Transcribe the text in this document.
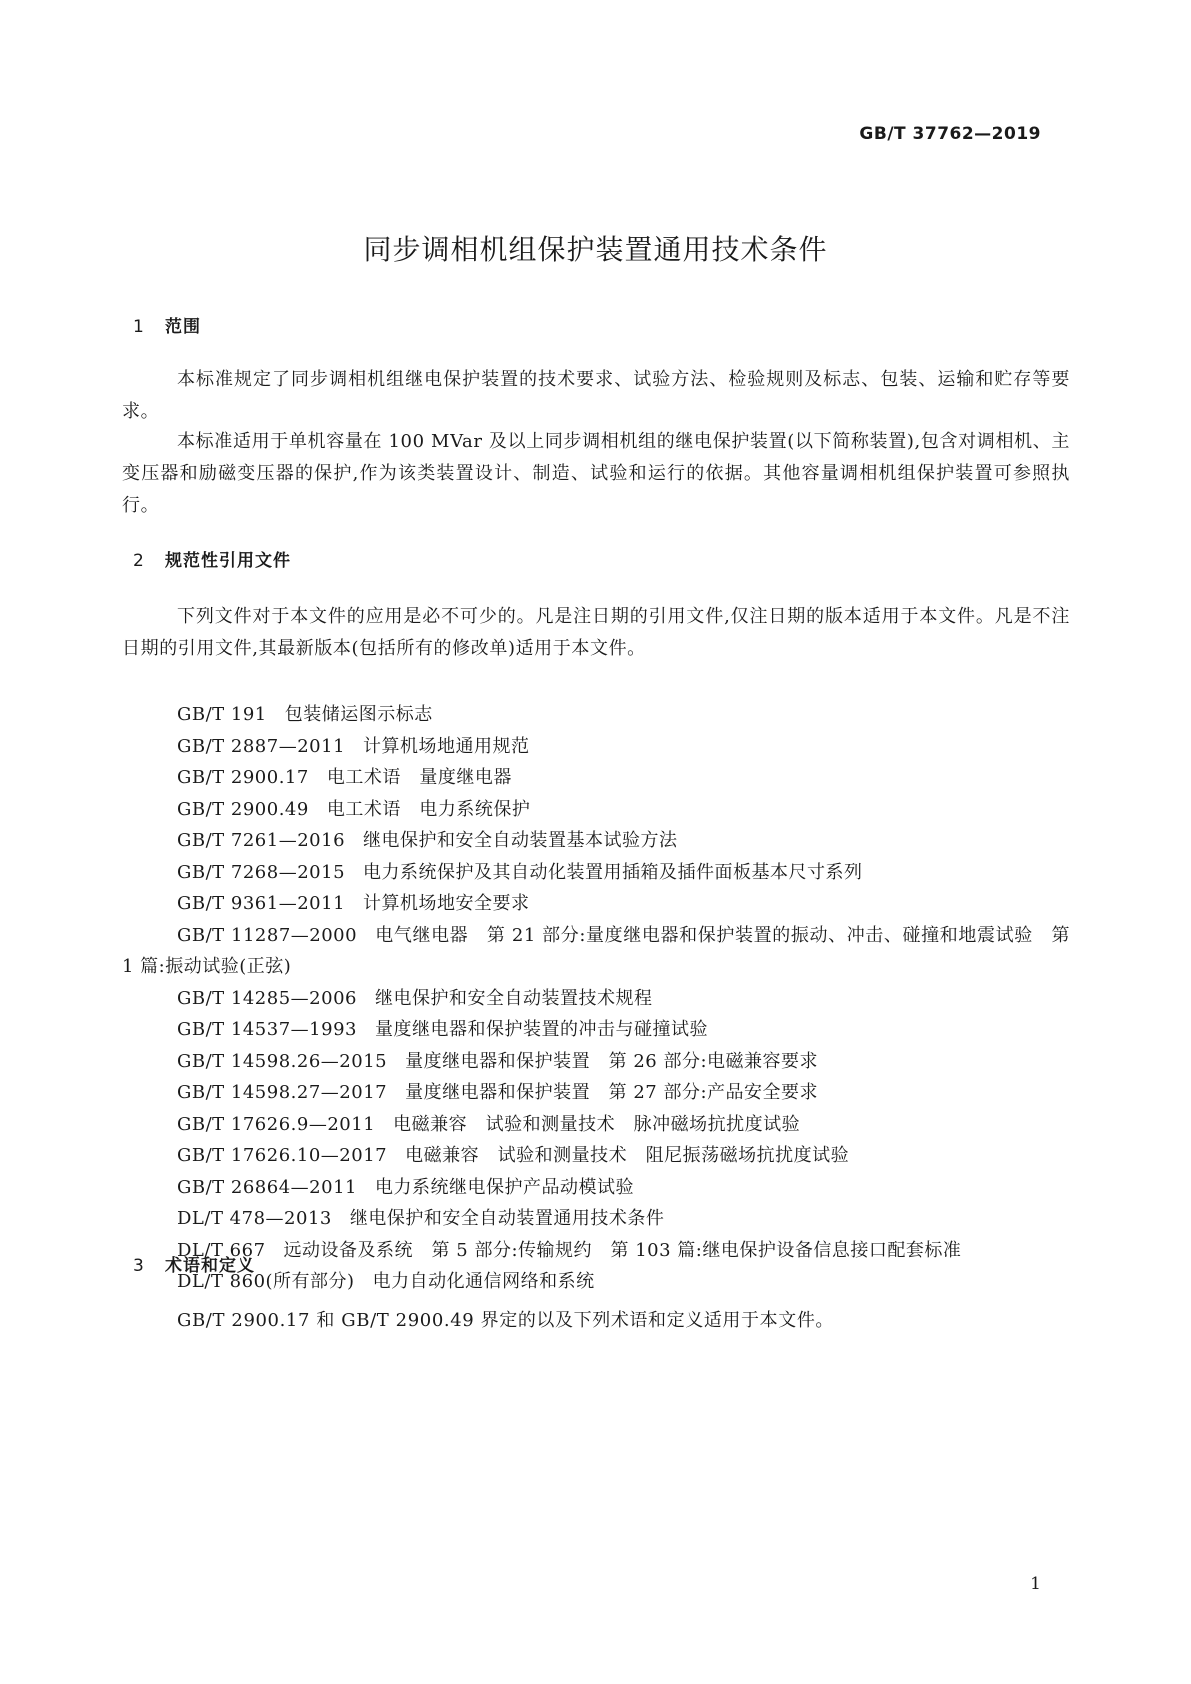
GB/T 37762—2019
同步调相机组保护装置通用技术条件
1 范围

本标准规定了同步调相机组继电保护装置的技术要求、试验方法、检验规则及标志、包装、运输和贮存等要求。

本标准适用于单机容量在 100 MVar 及以上同步调相机组的继电保护装置(以下简称装置),包含对调相机、主变压器和励磁变压器的保护,作为该类装置设计、制造、试验和运行的依据。其他容量调相机组保护装置可参照执行。

2 规范性引用文件

下列文件对于本文件的应用是必不可少的。凡是注日期的引用文件,仅注日期的版本适用于本文件。凡是不注日期的引用文件,其最新版本(包括所有的修改单)适用于本文件。

GB/T 191 包装储运图示标志
GB/T 2887—2011 计算机场地通用规范
GB/T 2900.17 电工术语　量度继电器
GB/T 2900.49 电工术语　电力系统保护
GB/T 7261—2016 继电保护和安全自动装置基本试验方法
GB/T 7268—2015 电力系统保护及其自动化装置用插箱及插件面板基本尺寸系列
GB/T 9361—2011 计算机场地安全要求
GB/T 11287—2000 电气继电器　第 21 部分:量度继电器和保护装置的振动、冲击、碰撞和地震试验　第 1 篇:振动试验(正弦)
GB/T 14285—2006 继电保护和安全自动装置技术规程
GB/T 14537—1993 量度继电器和保护装置的冲击与碰撞试验
GB/T 14598.26—2015 量度继电器和保护装置　第 26 部分:电磁兼容要求
GB/T 14598.27—2017 量度继电器和保护装置　第 27 部分:产品安全要求
GB/T 17626.9—2011 电磁兼容　试验和测量技术　脉冲磁场抗扰度试验
GB/T 17626.10—2017 电磁兼容　试验和测量技术　阻尼振荡磁场抗扰度试验
GB/T 26864—2011 电力系统继电保护产品动模试验
DL/T 478—2013 继电保护和安全自动装置通用技术条件
DL/T 667 远动设备及系统　第 5 部分:传输规约　第 103 篇:继电保护设备信息接口配套标准
DL/T 860(所有部分) 电力自动化通信网络和系统
3 术语和定义

GB/T 2900.17 和 GB/T 2900.49 界定的以及下列术语和定义适用于本文件。

1
